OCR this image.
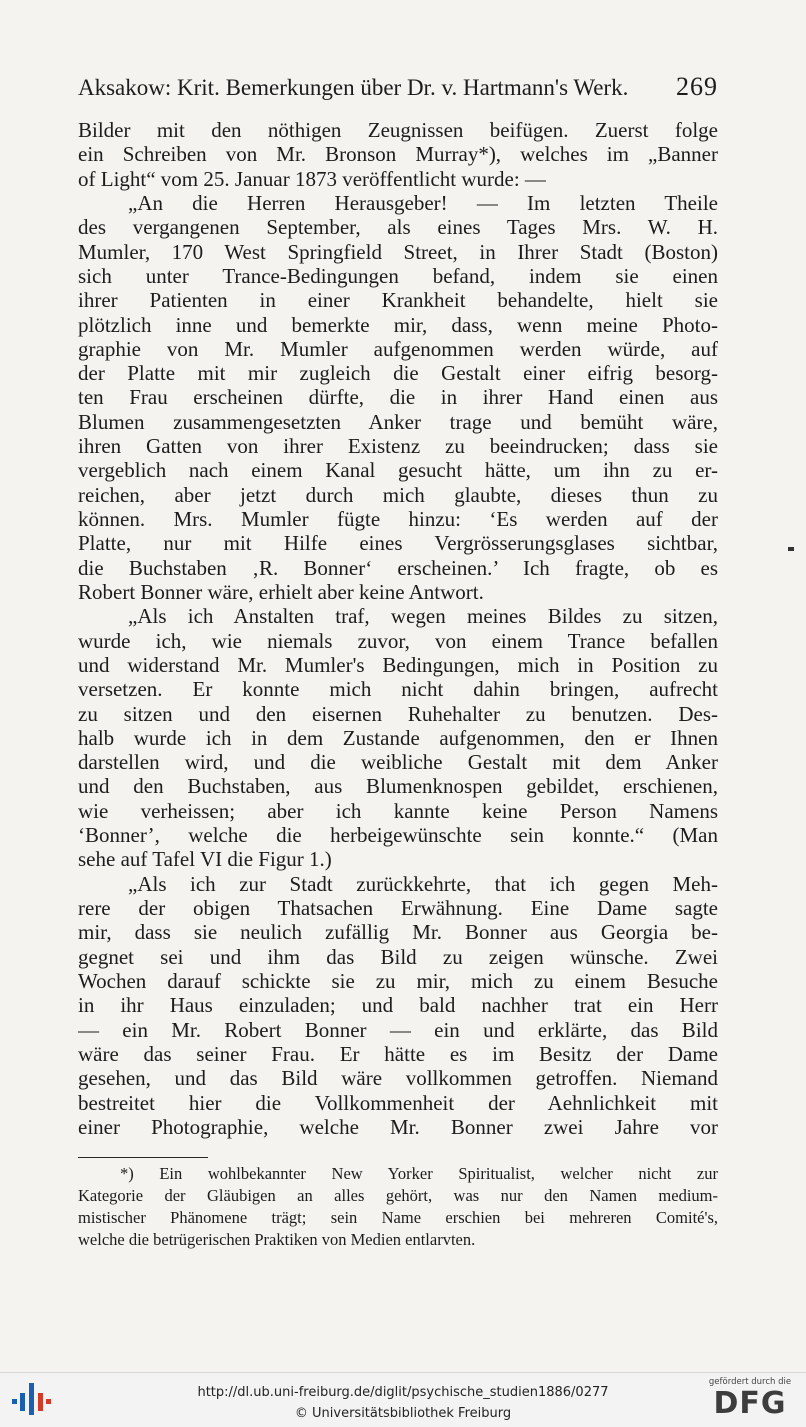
Aksakow: Krit. Bemerkungen über Dr. v. Hartmann's Werk. 269
Bilder mit den nöthigen Zeugnissen beifügen. Zuerst folge
ein Schreiben von Mr. Bronson Murray*), welches im „Banner
of Light“ vom 25. Januar 1873 veröffentlicht wurde: —
„An die Herren Herausgeber! — Im letzten Theile
des vergangenen September, als eines Tages Mrs. W. H.
Mumler, 170 West Springfield Street, in Ihrer Stadt (Boston)
sich unter Trance-Bedingungen befand, indem sie einen
ihrer Patienten in einer Krankheit behandelte, hielt sie
plötzlich inne und bemerkte mir, dass, wenn meine Photo-
graphie von Mr. Mumler aufgenommen werden würde, auf
der Platte mit mir zugleich die Gestalt einer eifrig besorg-
ten Frau erscheinen dürfte, die in ihrer Hand einen aus
Blumen zusammengesetzten Anker trage und bemüht wäre,
ihren Gatten von ihrer Existenz zu beeindrucken; dass sie
vergeblich nach einem Kanal gesucht hätte, um ihn zu er-
reichen, aber jetzt durch mich glaubte, dieses thun zu
können. Mrs. Mumler fügte hinzu: ‘Es werden auf der
Platte, nur mit Hilfe eines Vergrösserungsglases sichtbar,
die Buchstaben ‚R. Bonner‘ erscheinen.’ Ich fragte, ob es
Robert Bonner wäre, erhielt aber keine Antwort.
„Als ich Anstalten traf, wegen meines Bildes zu sitzen,
wurde ich, wie niemals zuvor, von einem Trance befallen
und widerstand Mr. Mumler's Bedingungen, mich in Position zu
versetzen. Er konnte mich nicht dahin bringen, aufrecht
zu sitzen und den eisernen Ruhehalter zu benutzen. Des-
halb wurde ich in dem Zustande aufgenommen, den er Ihnen
darstellen wird, und die weibliche Gestalt mit dem Anker
und den Buchstaben, aus Blumenknospen gebildet, erschienen,
wie verheissen; aber ich kannte keine Person Namens
‘Bonner’, welche die herbeigewünschte sein konnte.“ (Man
sehe auf Tafel VI die Figur 1.)
„Als ich zur Stadt zurückkehrte, that ich gegen Meh-
rere der obigen Thatsachen Erwähnung. Eine Dame sagte
mir, dass sie neulich zufällig Mr. Bonner aus Georgia be-
gegnet sei und ihm das Bild zu zeigen wünsche. Zwei
Wochen darauf schickte sie zu mir, mich zu einem Besuche
in ihr Haus einzuladen; und bald nachher trat ein Herr
— ein Mr. Robert Bonner — ein und erklärte, das Bild
wäre das seiner Frau. Er hätte es im Besitz der Dame
gesehen, und das Bild wäre vollkommen getroffen. Niemand
bestreitet hier die Vollkommenheit der Aehnlichkeit mit
einer Photographie, welche Mr. Bonner zwei Jahre vor
*) Ein wohlbekannter New Yorker Spiritualist, welcher nicht zur
Kategorie der Gläubigen an alles gehört, was nur den Namen medium-
mistischer Phänomene trägt; sein Name erschien bei mehreren Comité's,
welche die betrügerischen Praktiken von Medien entlarvten.
http://dl.ub.uni-freiburg.de/diglit/psychische_studien1886/0277
© Universitätsbibliothek Freiburg
gefördert durch die
DFG
